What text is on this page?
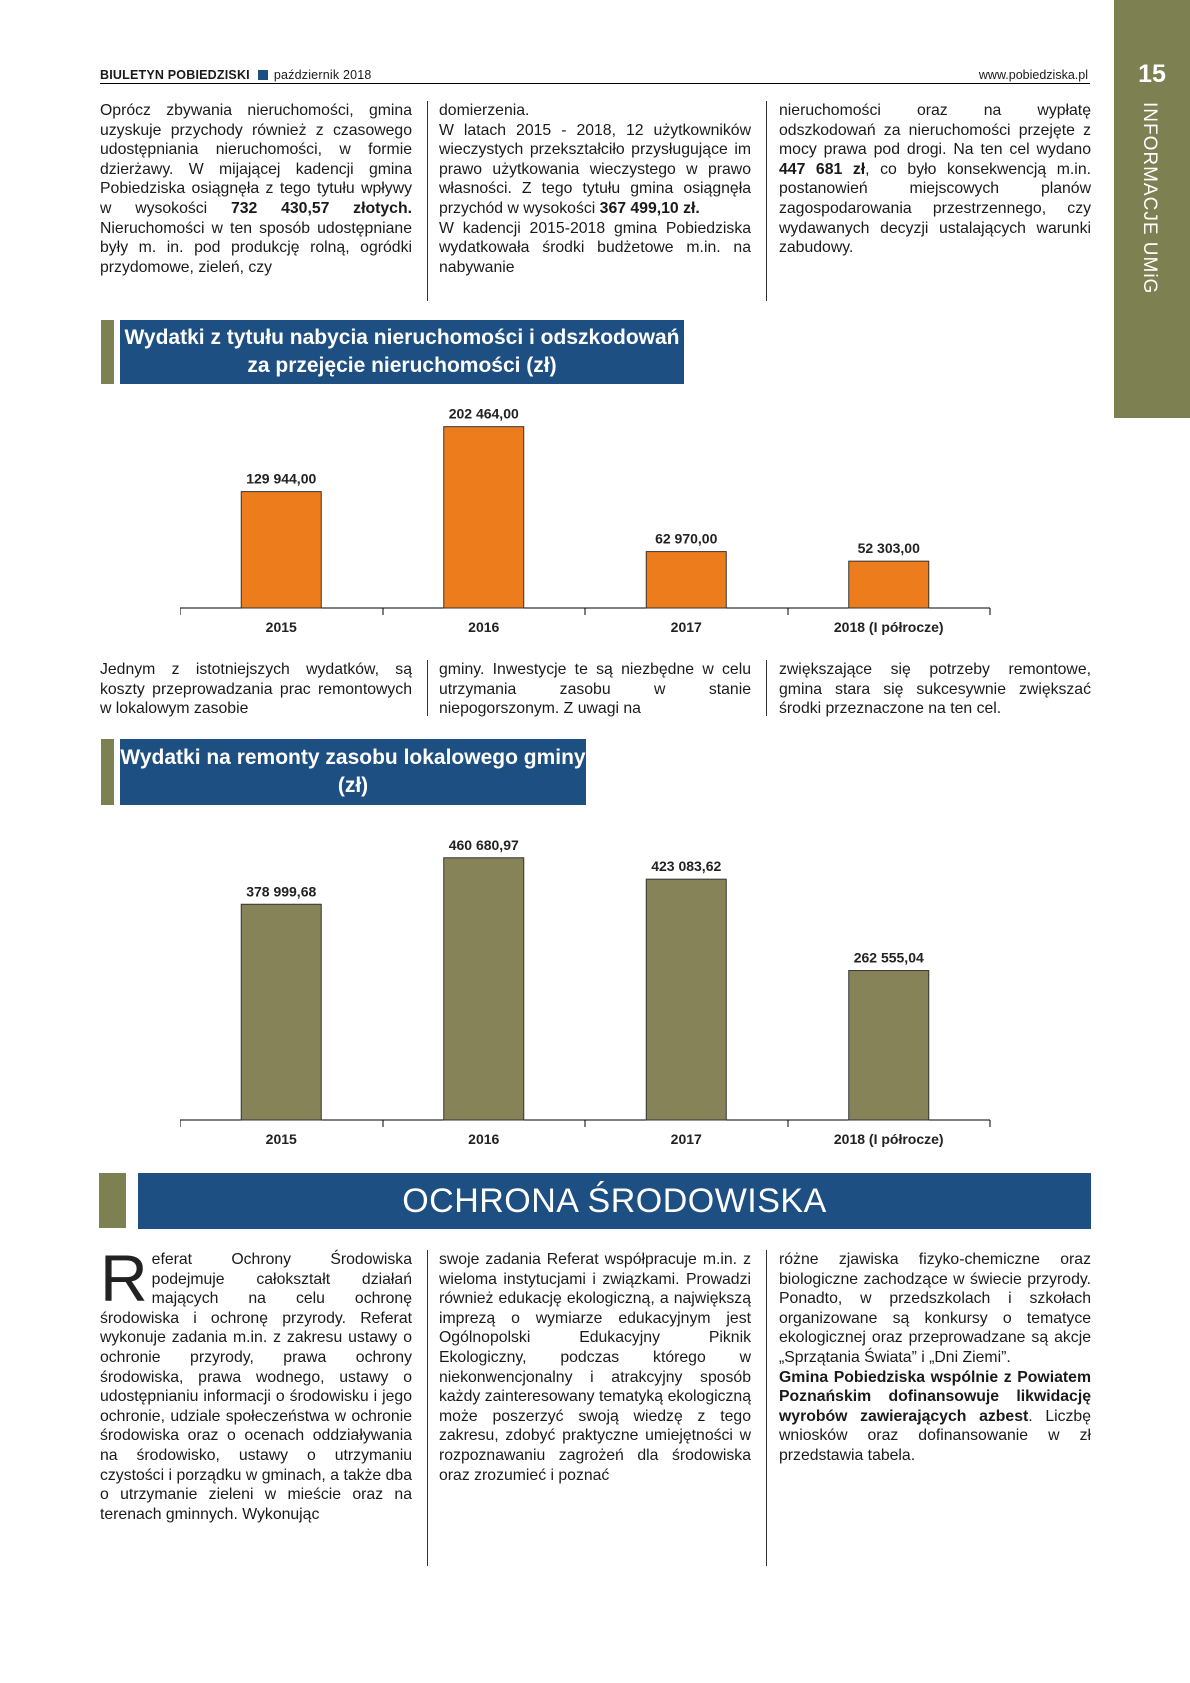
BIULETYN POBIEDZISKI październik 2018	www.pobiedziska.pl	15
INFORMACJE UMiG

Oprócz zbywania nieruchomości, gmina uzyskuje przychody również z czasowego udostępniania nieruchomości, w formie dzierżawy. W mijającej kadencji gmina Pobiedziska osiągnęła z tego tytułu wpływy w wysokości 732 430,57 złotych. Nieruchomości w ten sposób udostępniane były m. in. pod produkcję rolną, ogródki przydomowe, zieleń, czy

domierzenia.
W latach 2015 - 2018, 12 użytkowników wieczystych przekształciło przysługujące im prawo użytkowania wieczystego w prawo własności. Z tego tytułu gmina osiągnęła przychód w wysokości 367 499,10 zł.
W kadencji 2015-2018 gmina Pobiedziska wydatkowała środki budżetowe m.in. na nabywanie

nieruchomości oraz na wypłatę odszkodowań za nieruchomości przejęte z mocy prawa pod drogi. Na ten cel wydano 447 681 zł, co było konsekwencją m.in. postanowień miejscowych planów zagospodarowania przestrzennego, czy wydawanych decyzji ustalających warunki zabudowy.

Wydatki z tytułu nabycia nieruchomości i odszkodowań za przejęcie nieruchomości (zł)
129 944,00
2015
202 464,00
2016
62 970,00
2017
52 303,00
2018 (I półrocze)
Jednym z istotniejszych wydatków, są koszty przeprowadzania prac remontowych w lokalowym zasobie
gminy. Inwestycje te są niezbędne w celu utrzymania zasobu w stanie niepogorszonym. Z uwagi na
zwiększające się potrzeby remontowe, gmina stara się sukcesywnie zwiększać środki przeznaczone na ten cel.
Wydatki na remonty zasobu lokalowego gminy (zł)
378 999,68
2015
460 680,97
2016
423 083,62
2017
262 555,04
2018 (I półrocze)
OCHRONA ŚRODOWISKA

Referat Ochrony Środowiska podejmuje całokształt działań mających na celu ochronę środowiska i ochronę przyrody. Referat wykonuje zadania m.in. z zakresu ustawy o ochronie przyrody, prawa ochrony środowiska, prawa wodnego, ustawy o udostępnianiu informacji o środowisku i jego ochronie, udziale społeczeństwa w ochronie środowiska oraz o ocenach oddziaływania na środowisko, ustawy o utrzymaniu czystości i porządku w gminach, a także dba o utrzymanie zieleni w mieście oraz na terenach gminnych. Wykonując

swoje zadania Referat współpracuje m.in. z wieloma instytucjami i związkami. Prowadzi również edukację ekologiczną, a największą imprezą o wymiarze edukacyjnym jest Ogólnopolski Edukacyjny Piknik Ekologiczny, podczas którego w niekonwencjonalny i atrakcyjny sposób każdy zainteresowany tematyką ekologiczną może poszerzyć swoją wiedzę z tego zakresu, zdobyć praktyczne umiejętności w rozpoznawaniu zagrożeń dla środowiska oraz zrozumieć i poznać

różne zjawiska fizyko-chemiczne oraz biologiczne zachodzące w świecie przyrody. Ponadto, w przedszkolach i szkołach organizowane są konkursy o tematyce ekologicznej oraz przeprowadzane są akcje „Sprzątania Świata” i „Dni Ziemi”.

Gmina Pobiedziska wspólnie z Powiatem Poznańskim dofinansowuje likwidację wyrobów zawierających azbest. Liczbę wniosków oraz dofinansowanie w zł przedstawia tabela.
